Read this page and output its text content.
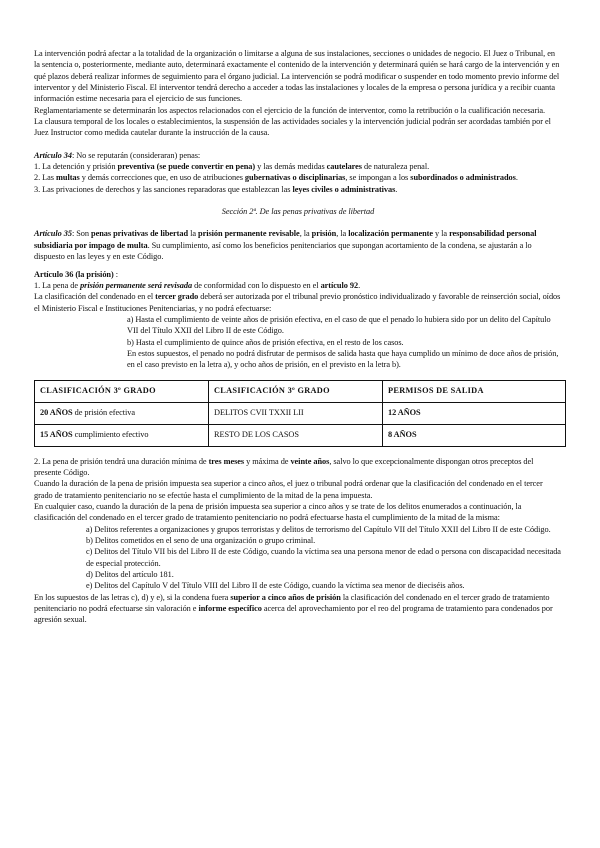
La intervención podrá afectar a la totalidad de la organización o limitarse a alguna de sus instalaciones, secciones o unidades de negocio. El Juez o Tribunal, en la sentencia o, posteriormente, mediante auto, determinará exactamente el contenido de la intervención y determinará quién se hará cargo de la intervención y en qué plazos deberá realizar informes de seguimiento para el órgano judicial. La intervención se podrá modificar o suspender en todo momento previo informe del interventor y del Ministerio Fiscal. El interventor tendrá derecho a acceder a todas las instalaciones y locales de la empresa o persona jurídica y a recibir cuanta información estime necesaria para el ejercicio de sus funciones.

Reglamentariamente se determinarán los aspectos relacionados con el ejercicio de la función de interventor, como la retribución o la cualificación necesaria.

La clausura temporal de los locales o establecimientos, la suspensión de las actividades sociales y la intervención judicial podrán ser acordadas también por el Juez Instructor como medida cautelar durante la instrucción de la causa.

Artículo 34: No se reputarán (consideraran) penas:

1. La detención y prisión preventiva (se puede convertir en pena) y las demás medidas cautelares de naturaleza penal.

2. Las multas y demás correcciones que, en uso de atribuciones gubernativas o disciplinarias, se impongan a los subordinados o administrados.

3. Las privaciones de derechos y las sanciones reparadoras que establezcan las leyes civiles o administrativas.

Sección 2ª. De las penas privativas de libertad

Artículo 35: Son penas privativas de libertad la prisión permanente revisable, la prisión, la localización permanente y la responsabilidad personal subsidiaria por impago de multa. Su cumplimiento, así como los beneficios penitenciarios que supongan acortamiento de la condena, se ajustarán a lo dispuesto en las leyes y en este Código.

Artículo 36 (la prisión) :

1. La pena de prisión permanente será revisada de conformidad con lo dispuesto en el artículo 92.

La clasificación del condenado en el tercer grado deberá ser autorizada por el tribunal previo pronóstico individualizado y favorable de reinserción social, oídos el Ministerio Fiscal e Instituciones Penitenciarias, y no podrá efectuarse:

a) Hasta el cumplimiento de veinte años de prisión efectiva, en el caso de que el penado lo hubiera sido por un delito del Capítulo VII del Título XXII del Libro II de este Código.

b) Hasta el cumplimiento de quince años de prisión efectiva, en el resto de los casos.

En estos supuestos, el penado no podrá disfrutar de permisos de salida hasta que haya cumplido un mínimo de doce años de prisión, en el caso previsto en la letra a), y ocho años de prisión, en el previsto en la letra b).

CLASIFICACIÓN 3º GRADO	CLASIFICACIÓN 3º GRADO	PERMISOS DE SALIDA
20 AÑOS de prisión efectiva	DELITOS CVII TXXII LII	12 AÑOS
15 AÑOS cumplimiento efectivo	RESTO DE LOS CASOS	8 AÑOS

2. La pena de prisión tendrá una duración mínima de tres meses y máxima de veinte años, salvo lo que excepcionalmente dispongan otros preceptos del presente Código.

Cuando la duración de la pena de prisión impuesta sea superior a cinco años, el juez o tribunal podrá ordenar que la clasificación del condenado en el tercer grado de tratamiento penitenciario no se efectúe hasta el cumplimiento de la mitad de la pena impuesta.

En cualquier caso, cuando la duración de la pena de prisión impuesta sea superior a cinco años y se trate de los delitos enumerados a continuación, la clasificación del condenado en el tercer grado de tratamiento penitenciario no podrá efectuarse hasta el cumplimiento de la mitad de la misma:

a) Delitos referentes a organizaciones y grupos terroristas y delitos de terrorismo del Capítulo VII del Título XXII del Libro II de este Código.

b) Delitos cometidos en el seno de una organización o grupo criminal.

c) Delitos del Título VII bis del Libro II de este Código, cuando la víctima sea una persona menor de edad o persona con discapacidad necesitada de especial protección.

d) Delitos del artículo 181.

e) Delitos del Capítulo V del Título VIII del Libro II de este Código, cuando la víctima sea menor de dieciséis años.

En los supuestos de las letras c), d) y e), si la condena fuera superior a cinco años de prisión la clasificación del condenado en el tercer grado de tratamiento penitenciario no podrá efectuarse sin valoración e informe específico acerca del aprovechamiento por el reo del programa de tratamiento para condenados por agresión sexual.
